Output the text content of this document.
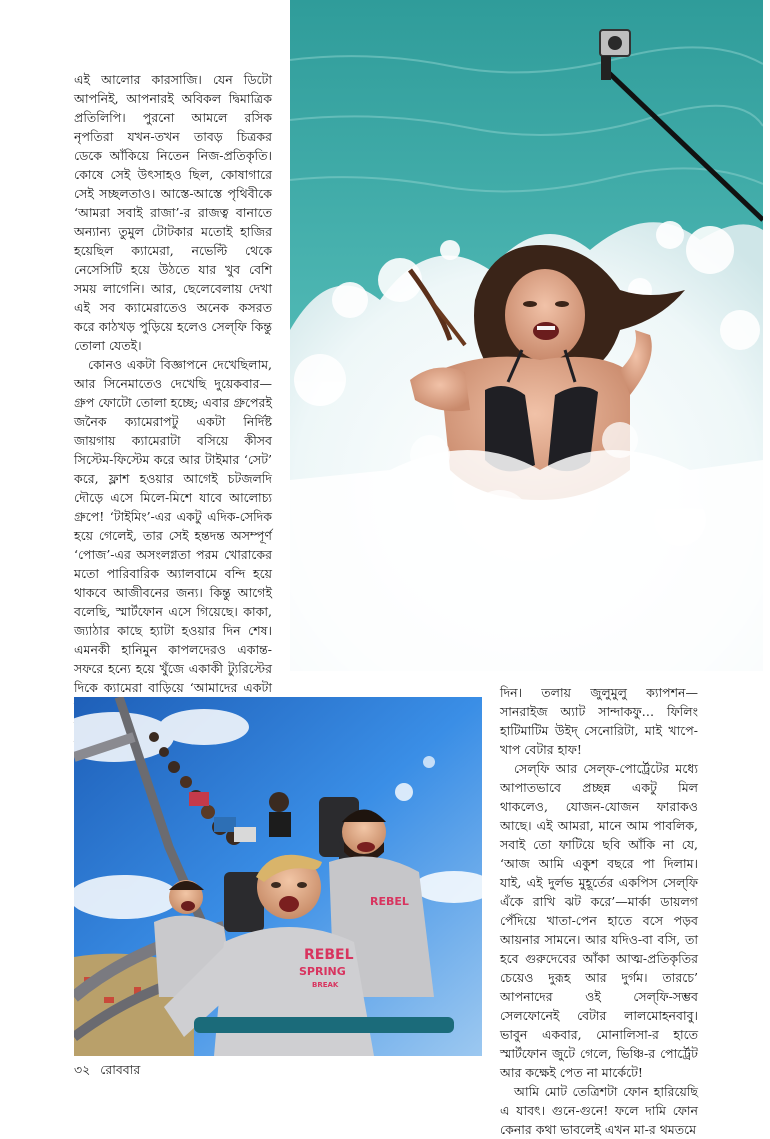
এই আলোর কারসাজি। যেন ডিটো আপনিই, আপনারই অবিকল দ্বিমাত্রিক প্রতিলিপি। পুরনো আমলে রসিক নৃপতিরা যখন-তখন তাবড় চিত্রকর ডেকে আঁকিয়ে নিতেন নিজ-প্রতিকৃতি। কোষে সেই উৎসাহও ছিল, কোষাগারে সেই সচ্ছলতাও। আস্তে-আস্তে পৃথিবীকে ‘আমরা সবাই রাজা’-র রাজত্ব বানাতে অন্যান্য তুমুল টোটকার মতোই হাজির হয়েছিল ক্যামেরা, নভেল্টি থেকে নেসেসিটি হয়ে উঠতে যার খুব বেশি সময় লাগেনি। আর, ছেলেবেলায় দেখা এই সব ক্যামেরাতেও অনেক কসরত করে কাঠখড় পুড়িয়ে হলেও সেল্‌ফি কিন্তু তোলা যেত‌ই।

কোনও একটা বিজ্ঞাপনে দেখেছিলাম, আর সিনেমাতেও দেখেছি দুয়েকবার—গ্রুপ ফোটো তোলা হচ্ছে; এবার গ্রুপেরই জনৈক ক্যামেরাপটু একটা নির্দিষ্ট জায়গায় ক্যামেরাটা বসিয়ে কীসব সিস্টেম-ফিস্টেম করে আর টাইমার ‘সেট’ করে, ফ্লাশ হওয়ার আগেই চটজলদি দৌড়ে এসে মিলে-মিশে যাবে আলোচ্য গ্রুপে! ‘টাইমিং’-এর একটু এদিক-সেদিক হয়ে গেলেই, তার সেই হন্তদন্ত অসম্পূর্ণ ‘পোজ’-এর অসংলগ্নতা পরম খোরাকের মতো পারিবারিক অ্যালবামে বন্দি হয়ে থাকবে আজীবনের জন্য। কিন্তু আগেই বলেছি, স্মার্টফোন এসে গিয়েছে। কাকা, জ্যাঠার কাছে হ্যাটা হওয়ার দিন শেষ। এমনকী হানিমুন কাপলদেরও একান্ত-সফরে হন্যে হয়ে খুঁজে একাকী ট্যুরিস্টের দিকে ক্যামেরা বাড়িয়ে ‘আমাদের একটা

REBEL
REBEL
SPRING
BREAK

দিন। তলায় জুলুমুলু ক্যাপশন—সানরাইজ অ্যাট সান্দাকফু… ফিলিং হাটিমাটিম উইদ্ সেনোরিটা, মাই খাপে-খাপ বেটার হাফ!

সেল্‌ফি আর সেল্‌ফ-পোর্ট্রেটের মধ্যে আপাতভাবে প্রচ্ছন্ন একটু মিল থাকলেও, যোজন-যোজন ফারাকও আছে। এই আমরা, মানে আম পাবলিক, সবাই তো ফাটিয়ে ছবি আঁকি না যে, ‘আজ আমি একুশ বছরে পা দিলাম। যাই, এই দুর্লভ মুহূর্তের একপিস সেল্‌ফি এঁকে রাখি ঝট করে’—মার্কা ডায়লগ পেঁদিয়ে খাতা-পেন হাতে বসে পড়ব আয়নার সামনে। আর যদিও-বা বসি, তা হবে গুরুদেবের আঁকা আত্ম-প্রতিকৃতির চেয়েও দুরূহ আর দুর্গম। তারচে’ আপনাদের ওই সেল্‌ফি-সম্ভব সেলফোনেই বেটার লালমোহনবাবু। ভাবুন একবার, মোনালিসা-র হাতে স্মার্টফোন জুটে গেলে, ভিঞ্চি-র পোর্ট্রেট আর কক্ষেই পেত না মার্কেটে!

আমি মোট তেত্রিশটা ফোন হারিয়েছি এ যাবৎ। গুনে-গুনে! ফলে দামি ফোন কেনার কথা ভাবলেই এখন মা-র থমতমে

৩২ রোববার
